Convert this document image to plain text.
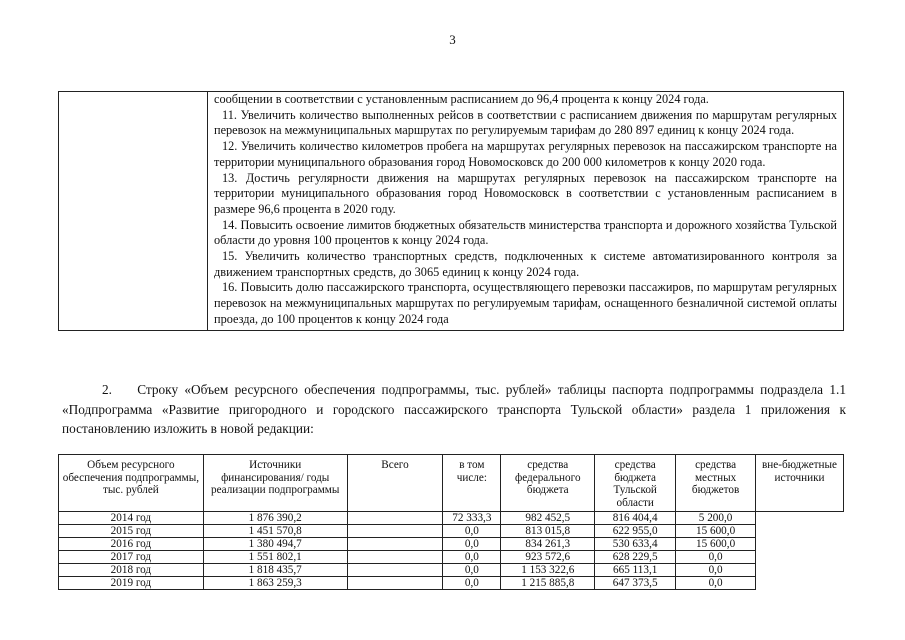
3

сообщении в соответствии с установленным расписанием до 96,4 процента к концу 2024 года.

11. Увеличить количество выполненных рейсов в соответствии с расписанием движения по маршрутам регулярных перевозок на межмуниципальных маршрутах по регулируемым тарифам до 280 897 единиц к концу 2024 года.

12. Увеличить количество километров пробега на маршрутах регулярных перевозок на пассажирском транспорте на территории муниципального образования город Новомосковск до 200 000 километров к концу 2020 года.

13. Достичь регулярности движения на маршрутах регулярных перевозок на пассажирском транспорте на территории муниципального образования город Новомосковск в соответствии с установленным расписанием в размере 96,6 процента в 2020 году.

14. Повысить освоение лимитов бюджетных обязательств министерства транспорта и дорожного хозяйства Тульской области до уровня 100 процентов к концу 2024 года.

15. Увеличить количество транспортных средств, подключенных к системе автоматизированного контроля за движением транспортных средств, до 3065 единиц к концу 2024 года.

16. Повысить долю пассажирского транспорта, осуществляющего перевозки пассажиров, по маршрутам регулярных перевозок на межмуниципальных маршрутах по регулируемым тарифам, оснащенного безналичной системой оплаты проезда, до 100 процентов к концу 2024 года

2. Строку «Объем ресурсного обеспечения подпрограммы, тыс. рублей» таблицы паспорта подпрограммы подраздела 1.1 «Подпрограмма «Развитие пригородного и городского пассажирского транспорта Тульской области» раздела 1 приложения к постановлению изложить в новой редакции:

Объем ресурсного обеспечения подпрограммы, тыс. рублей	Источники финансирования/ годы реализации подпрограммы	Всего	в том числе:	средства федерального бюджета	средства бюджета Тульской области	средства местных бюджетов	вне-бюджетные источники
2014 год	1 876 390,2		72 333,3	982 452,5	816 404,4	5 200,0	
2015 год	1 451 570,8		0,0	813 015,8	622 955,0	15 600,0	
2016 год	1 380 494,7		0,0	834 261,3	530 633,4	15 600,0	
2017 год	1 551 802,1		0,0	923 572,6	628 229,5	0,0	
2018 год	1 818 435,7		0,0	1 153 322,6	665 113,1	0,0	
2019 год	1 863 259,3		0,0	1 215 885,8	647 373,5	0,0	
